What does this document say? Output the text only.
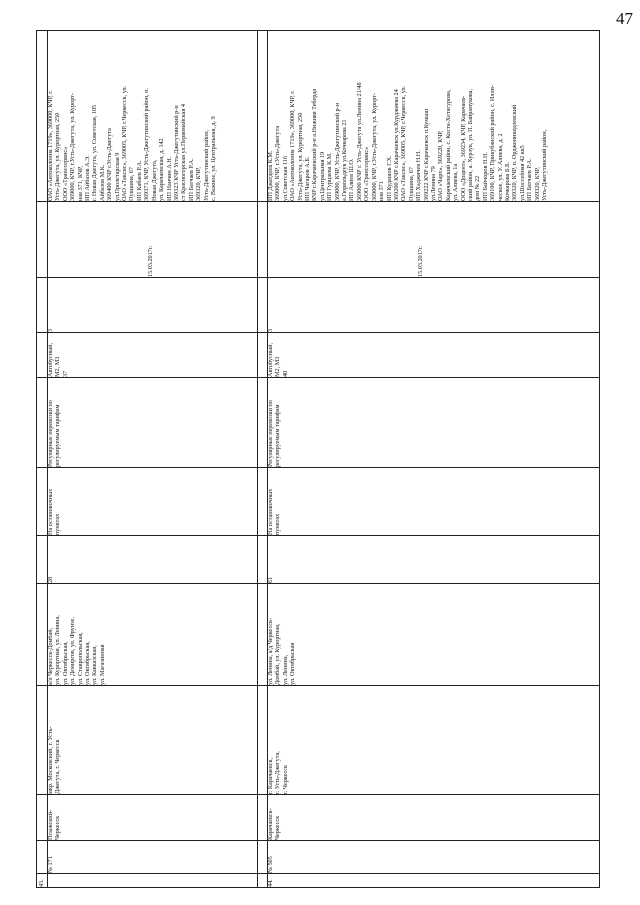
47
43.
№ 171
Псыжский-
Черкесск
мкр. Московский, г. Усть-
Джегута, г. Черкесск
а/л Черкесск-Домбай,
ул. Курортная, ул. Ленина,
ул. Октябрьская,
ул. Демиргов, ул. Фрунзе,
ул. Ставропольская,
ул. Октябрьская,
ул. Кавказская,
ул. Магазинная
28
На остановочных
пунктах
Регулярные перевозки по
регулируемым тарифам
Автобусный, М2, М3
37
3
15.03.2017г.
ОАО «Автоколонна 1719», 369000, КЧР, г.
Усть-Джегута, ул. Курортная, 250
ООО «Транссервис»
369000, КЧР, г.Усть-Джегута, ул. Курорт-
ная 371, КЧР,
ИП Айбазов А.Э.
г. Новая Джегута, ул. Советская, 105
Айбазов М.К.
369400 КЧР г.Усть-Джегута
ул.Пролетарская 9
ОАО «Таксис», 369005, КЧР, г.Черкесск, ул.
Пушкина, 67
ИП Кабаев Р.А.
369371, КЧР, Усть-Джегутинский район, п.
Новая Джегута,
ул. Карачаевская, д. 142
ИП Нанчин А.Н.
369323 КЧР Усть-Джегутинский р-н
ст Красногорская ул.Первомайская 4
ИП Батчаев Р.А.
369320, КЧР,
Усть-Джегутинский район,
с. Важное, ул. Центральная, д. 9
44.
№ 505
Карачаевск-
Черкесск
г. Карачаевск,
г. Усть-Джегута,
г. Черкесск
ул. Ленина, а/д Черкесск-
Домбай, ул. Курортная,
ул. Ленина,
ул. Октябрьская
61
На остановочных
пунктах
Регулярные перевозки по
регулируемым тарифам
Автобусный, М2, М3
40
3
15.03.2017г.
ИП Джатдоев К.М.
369000, КЧР, г.Усть-Джегута
ул.Советская 116
ОАО «Автоколонна 1719», 369000, КЧР, г.
Усть-Джегута, ул. Курортная, 250
ИП Чагаров А.Б.
КЧР г.Карачаевский р-н а.Нижняя Теберда
ул.Центральная 19
ИП Гурцаева К.М.
369000, КЧР, Усть-Джегутинский р-н
а.Гюрюльдеук ул.Кочкарова 21
ИП Алиев Ш.О.
369000 КЧР г. Усть-Джегута ул.Ленина 21/48
ООО «Транссервис»
369000, КЧР, г.Усть-Джегута, ул. Курорт-
ная 371
ИП Кудашов Г.Х.
369200 КЧР г.Карачаевск ул.Курджиева 24
ОАО «Таксис», 369005, КЧР, г.Черкесск, ул.
Пушкина, 67
ИП Хаджичев Н.Н.
369222 КЧР г.Карачаевск п.Кумыш
ул.Ленина 79
ОАО «Чарх», 369220, КЧР,
Карачаевский район, с. Коста-Хетагурова,
ул. Алиева, 1а
ООО «Доцент», 369234, КЧР, Карачаев-
ский район, а. Хурзук, ул. П. Байрамукова,
дом № 22
ИП Байчоров Н.Н.
369100, КЧР, Прикубанский район, с. Илли-
ческое, ул. У. Алиева, д. 2
Кочкарова Б.Б.
369320, КЧР, п. Орджоникидзевский
ул.Шоссейная 42 кв5
ИП Батчаев Р.А.
369320, КЧР,
Усть-Джегутинский район,
